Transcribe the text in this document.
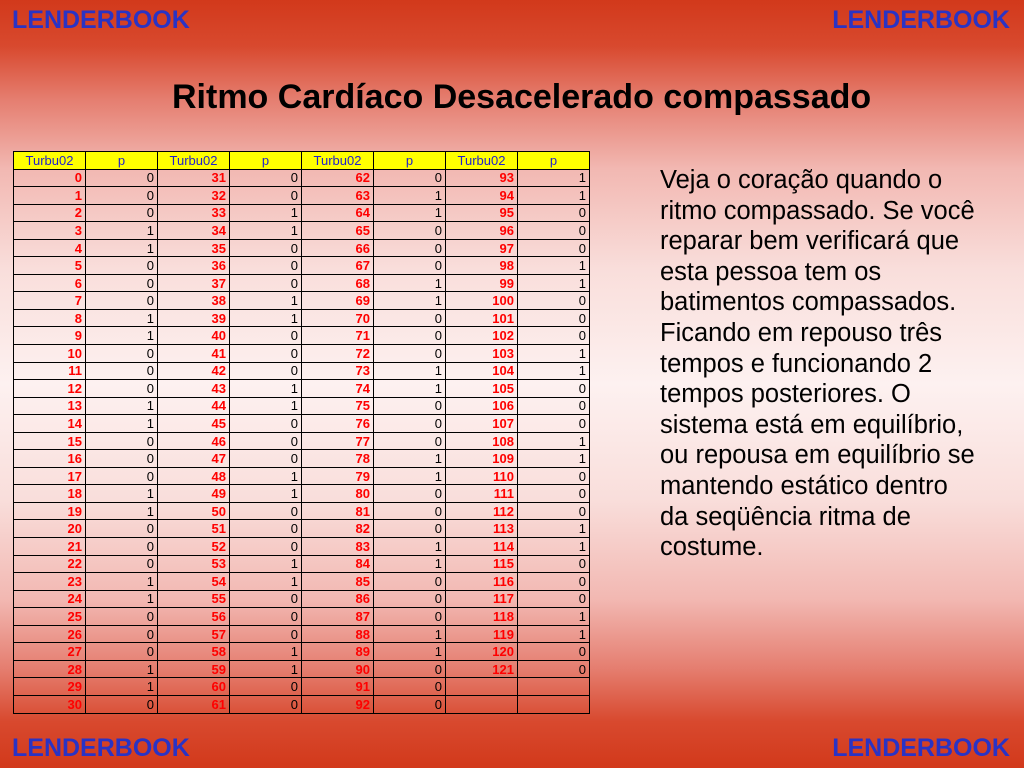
LENDERBOOK	LENDERBOOK
Ritmo Cardíaco Desacelerado compassado
Turbu02	p	Turbu02	p	Turbu02	p	Turbu02	p
0	0	31	0	62	0	93	1
1	0	32	0	63	1	94	1
2	0	33	1	64	1	95	0
3	1	34	1	65	0	96	0
4	1	35	0	66	0	97	0
5	0	36	0	67	0	98	1
6	0	37	0	68	1	99	1
7	0	38	1	69	1	100	0
8	1	39	1	70	0	101	0
9	1	40	0	71	0	102	0
10	0	41	0	72	0	103	1
11	0	42	0	73	1	104	1
12	0	43	1	74	1	105	0
13	1	44	1	75	0	106	0
14	1	45	0	76	0	107	0
15	0	46	0	77	0	108	1
16	0	47	0	78	1	109	1
17	0	48	1	79	1	110	0
18	1	49	1	80	0	111	0
19	1	50	0	81	0	112	0
20	0	51	0	82	0	113	1
21	0	52	0	83	1	114	1
22	0	53	1	84	1	115	0
23	1	54	1	85	0	116	0
24	1	55	0	86	0	117	0
25	0	56	0	87	0	118	1
26	0	57	0	88	1	119	1
27	0	58	1	89	1	120	0
28	1	59	1	90	0	121	0
29	1	60	0	91	0		
30	0	61	0	92	0		
Veja o coração quando o
ritmo compassado. Se você
reparar bem verificará que
esta pessoa tem os
batimentos compassados.
Ficando em repouso três
tempos e funcionando 2
tempos posteriores. O
sistema está em equilíbrio,
ou repousa em equilíbrio se
mantendo estático dentro
da seqüência ritma de
costume.
LENDERBOOK	LENDERBOOK
